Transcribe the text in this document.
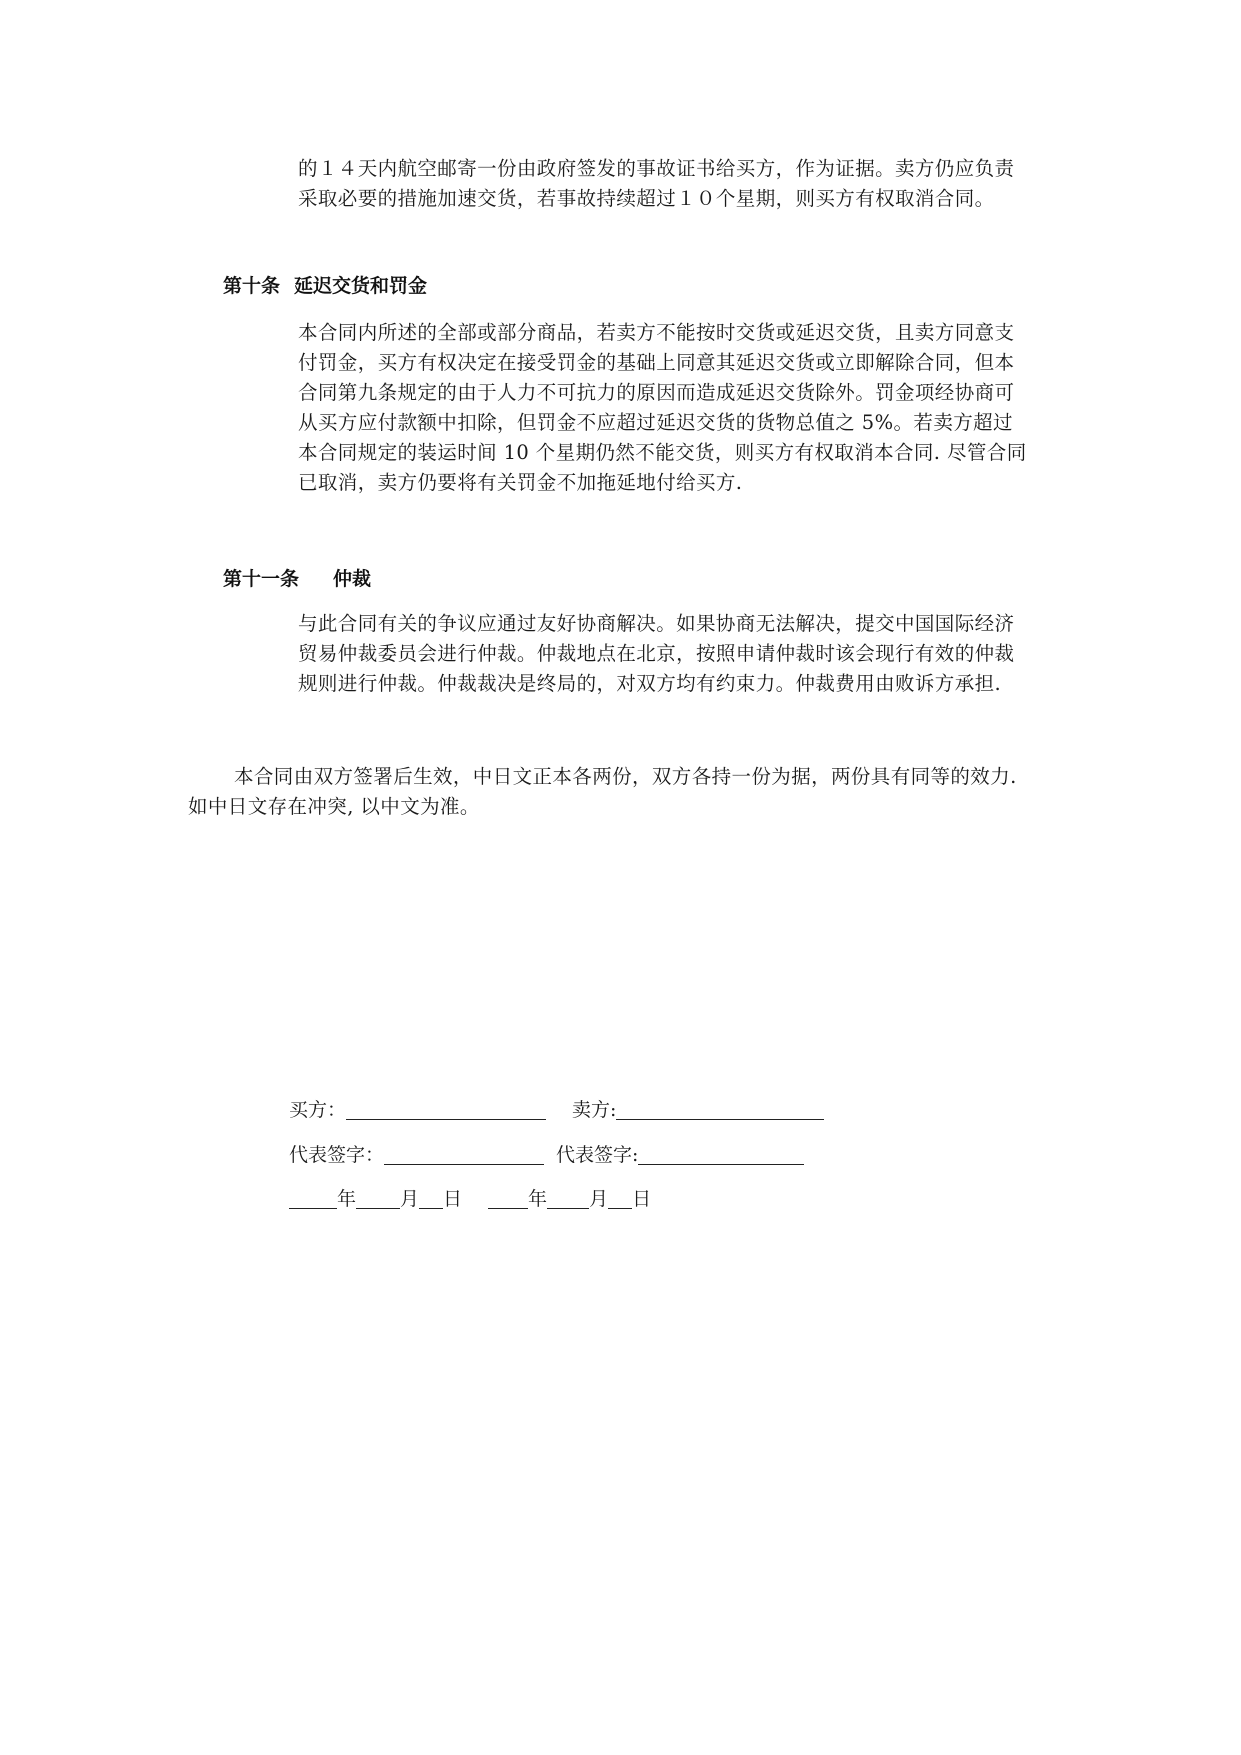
的１４天内航空邮寄一份由政府签发的事故证书给买方，作为证据。卖方仍应负责
采取必要的措施加速交货，若事故持续超过１０个星期，则买方有权取消合同。
第十条 延迟交货和罚金
本合同内所述的全部或部分商品，若卖方不能按时交货或延迟交货，且卖方同意支
付罚金，买方有权决定在接受罚金的基础上同意其延迟交货或立即解除合同，但本
合同第九条规定的由于人力不可抗力的原因而造成延迟交货除外。罚金项经协商可
从买方应付款额中扣除，但罚金不应超过延迟交货的货物总值之 5%。若卖方超过
本合同规定的装运时间 10 个星期仍然不能交货，则买方有权取消本合同. 尽管合同
已取消，卖方仍要将有关罚金不加拖延地付给买方.
第十一条 仲裁
与此合同有关的争议应通过友好协商解决。如果协商无法解决，提交中国国际经济
贸易仲裁委员会进行仲裁。仲裁地点在北京，按照申请仲裁时该会现行有效的仲裁
规则进行仲裁。仲裁裁决是终局的，对双方均有约束力。仲裁费用由败诉方承担.
本合同由双方签署后生效，中日文正本各两份，双方各持一份为据，两份具有同等的效力.
如中日文存在冲突, 以中文为准。
买方：	卖方:
代表签字：	代表签字:
年 月 日	年 月 日
